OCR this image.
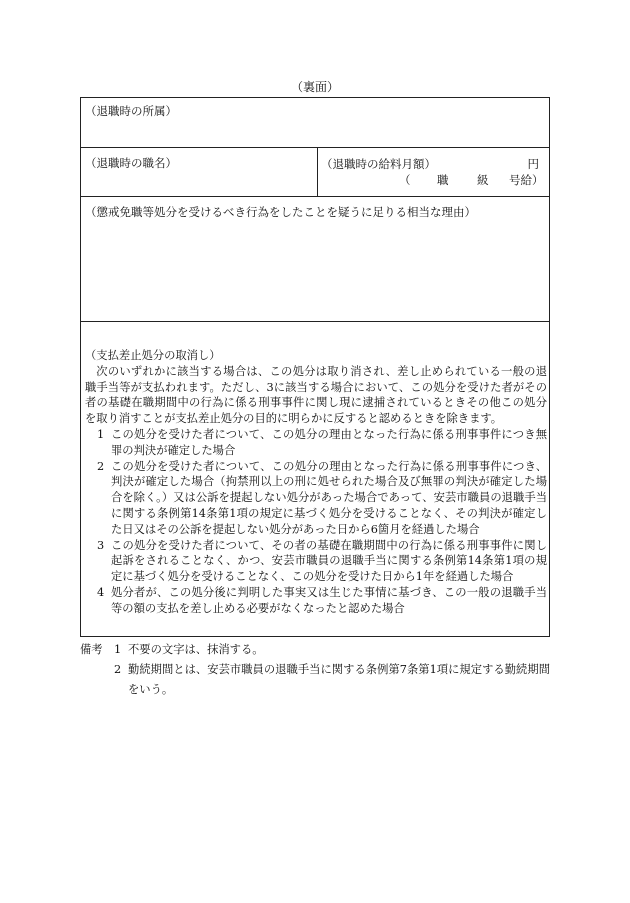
（裏面）
（退職時の所属）
（退職時の職名）	（退職時の給料月額）	円
（ 職 級 号給）
（懲戒免職等処分を受けるべき行為をしたことを疑うに足りる相当な理由）

（支払差止処分の取消し）

次のいずれかに該当する場合は、この処分は取り消され、差し止められている一般の退職手当等が支払われます。ただし、3に該当する場合において、この処分を受けた者がその者の基礎在職期間中の行為に係る刑事事件に関し現に逮捕されているときその他この処分を取り消すことが支払差止処分の目的に明らかに反すると認めるときを除きます。

1 この処分を受けた者について、この処分の理由となった行為に係る刑事事件につき無罪の判決が確定した場合
2 この処分を受けた者について、この処分の理由となった行為に係る刑事事件につき、判決が確定した場合（拘禁刑以上の刑に処せられた場合及び無罪の判決が確定した場合を除く。）又は公訴を提起しない処分があった場合であって、安芸市職員の退職手当に関する条例第14条第1項の規定に基づく処分を受けることなく、その判決が確定した日又はその公訴を提起しない処分があった日から6箇月を経過した場合
3 この処分を受けた者について、その者の基礎在職期間中の行為に係る刑事事件に関し起訴をされることなく、かつ、安芸市職員の退職手当に関する条例第14条第1項の規定に基づく処分を受けることなく、この処分を受けた日から1年を経過した場合
4 処分者が、この処分後に判明した事実又は生じた事情に基づき、この一般の退職手当等の額の支払を差し止める必要がなくなったと認めた場合
備考 1 不要の文字は、抹消する。
2 勤続期間とは、安芸市職員の退職手当に関する条例第7条第1項に規定する勤続期間をいう。
